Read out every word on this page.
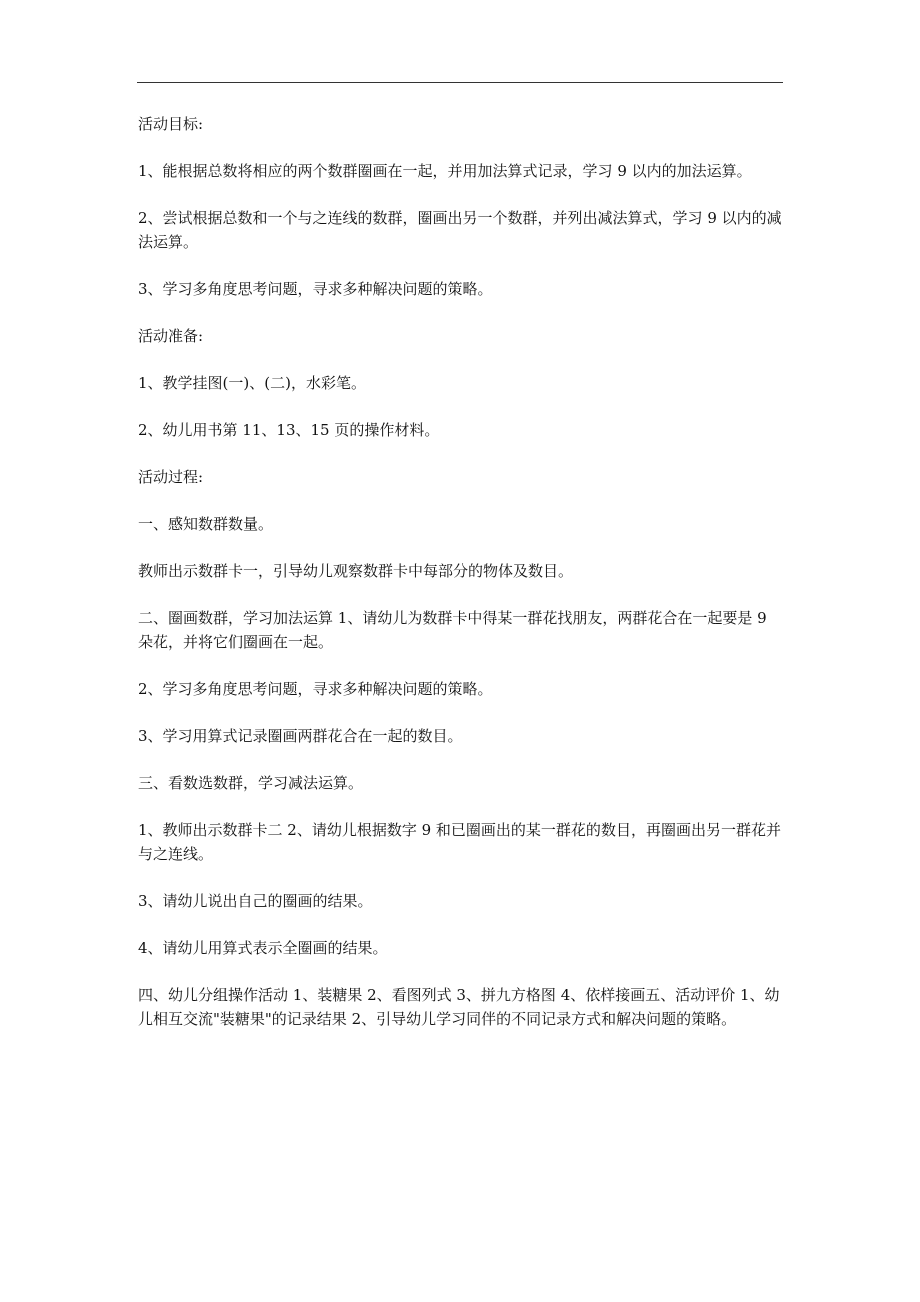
活动目标:

1、能根据总数将相应的两个数群圈画在一起，并用加法算式记录，学习 9 以内的加法运算。

2、尝试根据总数和一个与之连线的数群，圈画出另一个数群，并列出减法算式，学习 9 以内的减法运算。

3、学习多角度思考问题，寻求多种解决问题的策略。

活动准备:

1、教学挂图(一)、(二)，水彩笔。

2、幼儿用书第 11、13、15 页的操作材料。

活动过程:

一、感知数群数量。

教师出示数群卡一，引导幼儿观察数群卡中每部分的物体及数目。

二、圈画数群，学习加法运算 1、请幼儿为数群卡中得某一群花找朋友，两群花合在一起要是 9 朵花，并将它们圈画在一起。

2、学习多角度思考问题，寻求多种解决问题的策略。

3、学习用算式记录圈画两群花合在一起的数目。

三、看数选数群，学习减法运算。

1、教师出示数群卡二 2、请幼儿根据数字 9 和已圈画出的某一群花的数目，再圈画出另一群花并与之连线。

3、请幼儿说出自己的圈画的结果。

4、请幼儿用算式表示全圈画的结果。

四、幼儿分组操作活动 1、装糖果 2、看图列式 3、拼九方格图 4、依样接画五、活动评价 1、幼儿相互交流"装糖果"的记录结果 2、引导幼儿学习同伴的不同记录方式和解决问题的策略。
